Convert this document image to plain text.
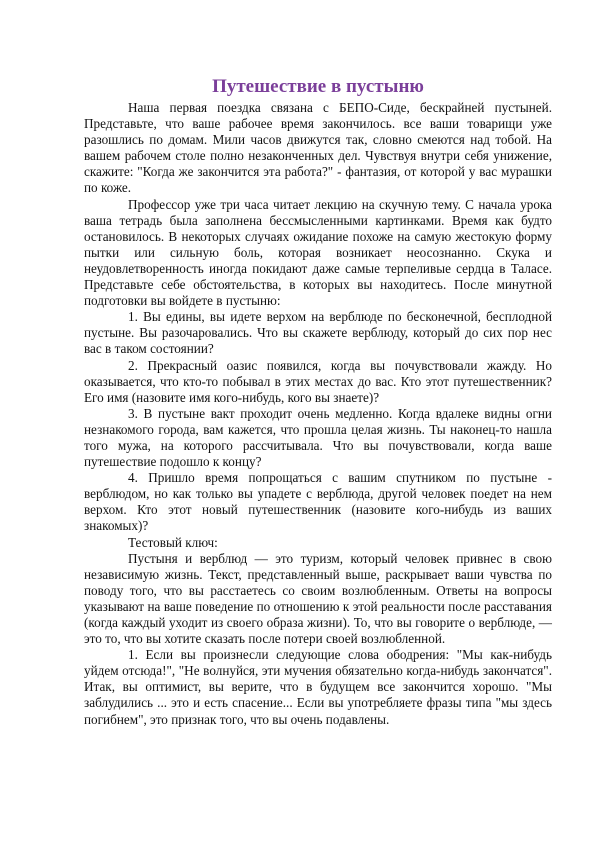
Путешествие в пустыню

Наша первая поездка связана с БЕПО-Сиде, бескрайней пустыней. Представьте, что ваше рабочее время закончилось. все ваши товарищи уже разошлись по домам. Мили часов движутся так, словно смеются над тобой. На вашем рабочем столе полно незаконченных дел. Чувствуя внутри себя унижение, скажите: "Когда же закончится эта работа?" - фантазия, от которой у вас мурашки по коже.

Профессор уже три часа читает лекцию на скучную тему. С начала урока ваша тетрадь была заполнена бессмысленными картинками. Время как будто остановилось. В некоторых случаях ожидание похоже на самую жестокую форму пытки или сильную боль, которая возникает неосознанно. Скука и неудовлетворенность иногда покидают даже самые терпеливые сердца в Таласе. Представьте себе обстоятельства, в которых вы находитесь. После минутной подготовки вы войдете в пустыню:

1. Вы едины, вы идете верхом на верблюде по бесконечной, бесплодной пустыне. Вы разочаровались. Что вы скажете верблюду, который до сих пор нес вас в таком состоянии?

2. Прекрасный оазис появился, когда вы почувствовали жажду. Но оказывается, что кто-то побывал в этих местах до вас. Кто этот путешественник? Его имя (назовите имя кого-нибудь, кого вы знаете)?

3. В пустыне вакт проходит очень медленно. Когда вдалеке видны огни незнакомого города, вам кажется, что прошла целая жизнь. Ты наконец-то нашла того мужа, на которого рассчитывала. Что вы почувствовали, когда ваше путешествие подошло к концу?

4. Пришло время попрощаться с вашим спутником по пустыне - верблюдом, но как только вы упадете с верблюда, другой человек поедет на нем верхом. Кто этот новый путешественник (назовите кого-нибудь из ваших знакомых)?

Тестовый ключ:

Пустыня и верблюд — это туризм, который человек привнес в свою независимую жизнь. Текст, представленный выше, раскрывает ваши чувства по поводу того, что вы расстаетесь со своим возлюбленным. Ответы на вопросы указывают на ваше поведение по отношению к этой реальности после расставания (когда каждый уходит из своего образа жизни). То, что вы говорите о верблюде, — это то, что вы хотите сказать после потери своей возлюбленной.

1. Если вы произнесли следующие слова ободрения: "Мы как-нибудь уйдем отсюда!", "Не волнуйся, эти мучения обязательно когда-нибудь закончатся". Итак, вы оптимист, вы верите, что в будущем все закончится хорошо. "Мы заблудились ... это и есть спасение... Если вы употребляете фразы типа "мы здесь погибнем", это признак того, что вы очень подавлены.
